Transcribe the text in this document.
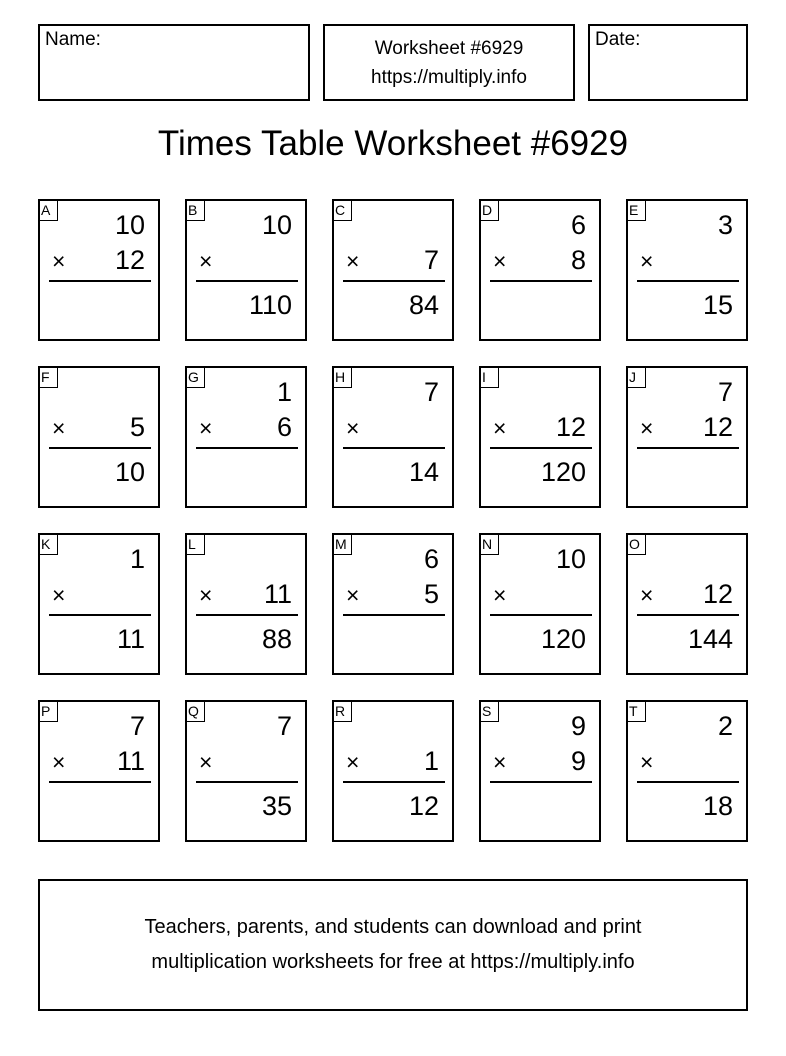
Name:	Worksheet #6929
https://multiply.info
Date:
Times Table Worksheet #6929
A 10
× 12
B 10
×
110
C
× 7
84
D	6
× 8
E	3
×
15
F
× 5
10
G	1
× 6
H	7
×
14
I
× 12
120
J	7
× 12
K	1
×
11
L
× 11
88
M	6
× 5
N 10
×
120
O
× 12
144
P	7
× 11
Q	7
×
35
R
× 1
12
S	9
× 9
T	2
×
18
Teachers, parents, and students can download and print
multiplication worksheets for free at https://multiply.info
